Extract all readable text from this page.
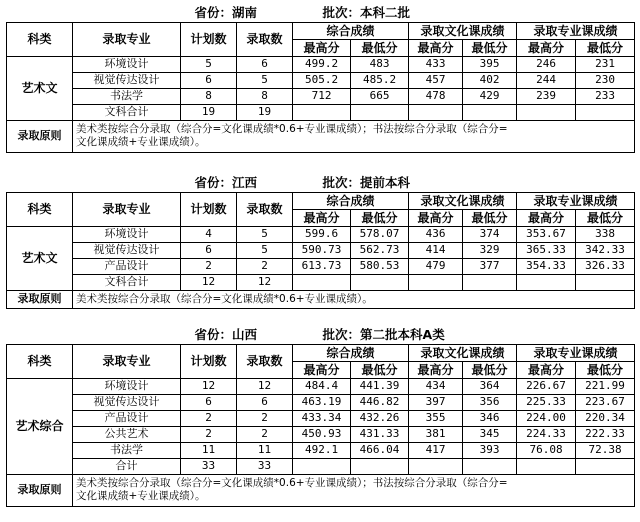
		省份：湖南		批次：本科二批					
科类	录取专业	计划数	录取数	综合成绩		录取文化课成绩		录取专业课成绩	
				最高分	最低分	最高分	最低分	最高分	最低分
艺术文	环境设计	5	6	499.2	483	433	395	246	231
	视觉传达设计	6	5	505.2	485.2	457	402	244	230
	书法学	8	8	712	665	478	429	239	233
	文科合计	19	19						
录取原则	美术类按综合分录取（综合分=文化课成绩*0.6+专业课成绩）；书法按综合分录取（综合分=
文化课成绩+专业课成绩）。								
		省份：江西		批次：提前本科					
科类	录取专业	计划数	录取数	综合成绩		录取文化课成绩		录取专业课成绩	
				最高分	最低分	最高分	最低分	最高分	最低分
艺术文	环境设计	4	5	599.6	578.07	436	374	353.67	338
	视觉传达设计	6	5	590.73	562.73	414	329	365.33	342.33
	产品设计	2	2	613.73	580.53	479	377	354.33	326.33
	文科合计	12	12						
录取原则	美术类按综合分录取（综合分=文化课成绩*0.6+专业课成绩）。								
		省份：山西		批次：第二批本科A类					
科类	录取专业	计划数	录取数	综合成绩		录取文化课成绩		录取专业课成绩	
				最高分	最低分	最高分	最低分	最高分	最低分
艺术综合	环境设计	12	12	484.4	441.39	434	364	226.67	221.99
	视觉传达设计	6	6	463.19	446.82	397	356	225.33	223.67
	产品设计	2	2	433.34	432.26	355	346	224.00	220.34
	公共艺术	2	2	450.93	431.33	381	345	224.33	222.33
	书法学	11	11	492.1	466.04	417	393	76.08	72.38
	合计	33	33						
录取原则	美术类按综合分录取（综合分=文化课成绩*0.6+专业课成绩）；书法按综合分录取（综合分=
文化课成绩+专业课成绩）。								
